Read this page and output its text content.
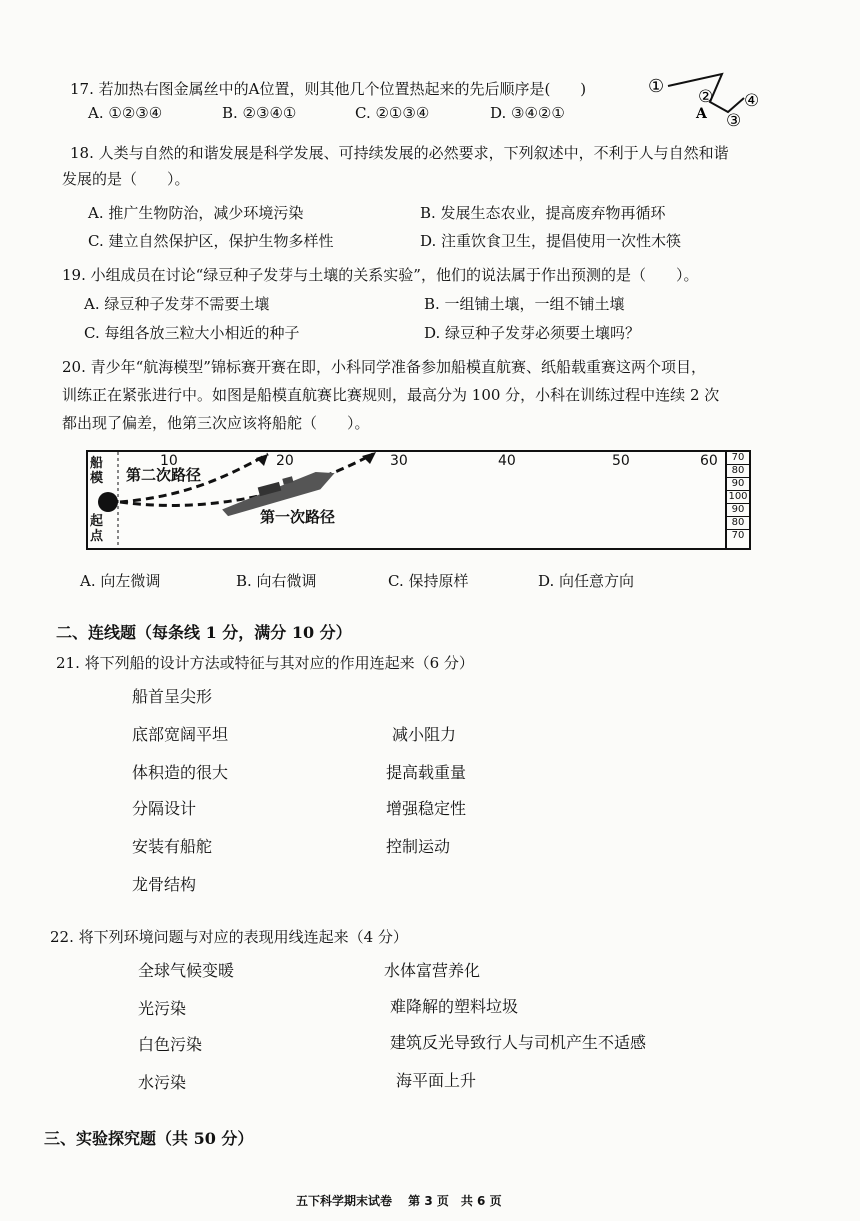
17. 若加热右图金属丝中的A位置，则其他几个位置热起来的先后顺序是(　　)
A. ①②③④	B. ②③④①	C. ②①③④	D. ③④②①
① ②
③
④
A
18. 人类与自然的和谐发展是科学发展、可持续发展的必然要求，下列叙述中，不利于人与自然和谐
发展的是（　　）。
A. 推广生物防治，减少环境污染	B. 发展生态农业，提高废弃物再循环
C. 建立自然保护区，保护生物多样性	D. 注重饮食卫生，提倡使用一次性木筷
19. 小组成员在讨论“绿豆种子发芽与土壤的关系实验”，他们的说法属于作出预测的是（　　）。
A. 绿豆种子发芽不需要土壤	B. 一组铺土壤，一组不铺土壤
C. 每组各放三粒大小相近的种子	D. 绿豆种子发芽必须要土壤吗？
20. 青少年“航海模型”锦标赛开赛在即，小科同学准备参加船模直航赛、纸船载重赛这两个项目，
训练正在紧张进行中。如图是船模直航赛比赛规则，最高分为 100 分，小科在训练过程中连续 2 次
都出现了偏差，他第三次应该将船舵（　　）。
10	20	30	40	50	60
船模
起点
第二次路径
第一次路径
70
80
90
100
90
80
70
A. 向左微调	B. 向右微调	C. 保持原样	D. 向任意方向
二、连线题（每条线 1 分，满分 10 分）
21. 将下列船的设计方法或特征与其对应的作用连起来（6 分）
船首呈尖形
底部宽阔平坦
体积造的很大
分隔设计
安装有船舵
龙骨结构
减小阻力
提高载重量
增强稳定性
控制运动
22. 将下列环境问题与对应的表现用线连起来（4 分）
全球气候变暖
光污染
白色污染
水污染
水体富营养化
难降解的塑料垃圾
建筑反光导致行人与司机产生不适感
海平面上升
三、实验探究题（共 50 分）
五下科学期末试卷　 第 3 页　共 6 页
